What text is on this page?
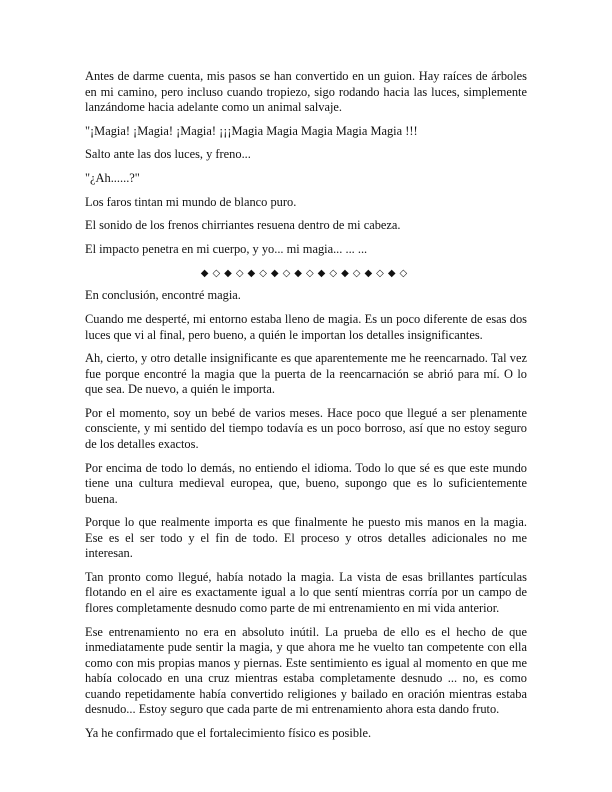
Antes de darme cuenta, mis pasos se han convertido en un guion. Hay raíces de árboles en mi camino, pero incluso cuando tropiezo, sigo rodando hacia las luces, simplemente lanzándome hacia adelante como un animal salvaje.

"¡Magia! ¡Magia! ¡Magia! ¡¡¡Magia Magia Magia Magia Magia !!!

Salto ante las dos luces, y freno...

"¿Ah......?"

Los faros tintan mi mundo de blanco puro.

El sonido de los frenos chirriantes resuena dentro de mi cabeza.

El impacto penetra en mi cuerpo, y yo... mi magia... ... ...

◆◇◆◇◆◇◆◇◆◇◆◇◆◇◆◇◆◇

En conclusión, encontré magia.

Cuando me desperté, mi entorno estaba lleno de magia. Es un poco diferente de esas dos luces que vi al final, pero bueno, a quién le importan los detalles insignificantes.

Ah, cierto, y otro detalle insignificante es que aparentemente me he reencarnado. Tal vez fue porque encontré la magia que la puerta de la reencarnación se abrió para mí. O lo que sea. De nuevo, a quién le importa.

Por el momento, soy un bebé de varios meses. Hace poco que llegué a ser plenamente consciente, y mi sentido del tiempo todavía es un poco borroso, así que no estoy seguro de los detalles exactos.

Por encima de todo lo demás, no entiendo el idioma. Todo lo que sé es que este mundo tiene una cultura medieval europea, que, bueno, supongo que es lo suficientemente buena.

Porque lo que realmente importa es que finalmente he puesto mis manos en la magia. Ese es el ser todo y el fin de todo. El proceso y otros detalles adicionales no me interesan.

Tan pronto como llegué, había notado la magia. La vista de esas brillantes partículas flotando en el aire es exactamente igual a lo que sentí mientras corría por un campo de flores completamente desnudo como parte de mi entrenamiento en mi vida anterior.

Ese entrenamiento no era en absoluto inútil. La prueba de ello es el hecho de que inmediatamente pude sentir la magia, y que ahora me he vuelto tan competente con ella como con mis propias manos y piernas. Este sentimiento es igual al momento en que me había colocado en una cruz mientras estaba completamente desnudo ... no, es como cuando repetidamente había convertido religiones y bailado en oración mientras estaba desnudo... Estoy seguro que cada parte de mi entrenamiento ahora esta dando fruto.

Ya he confirmado que el fortalecimiento físico es posible.
